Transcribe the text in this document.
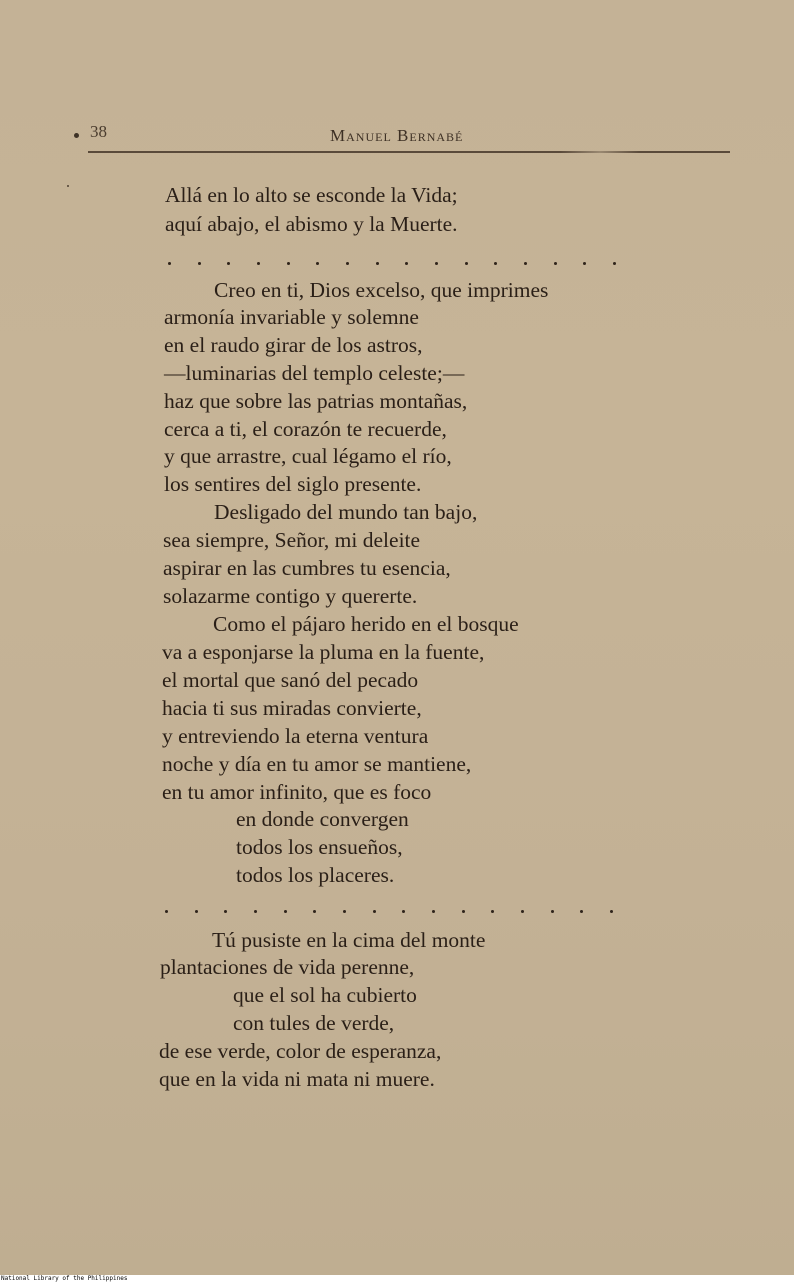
38	Manuel Bernabé
Allá en lo alto se esconde la Vida;
aquí abajo, el abismo y la Muerte.
Creo en ti, Dios excelso, que imprimes
armonía invariable y solemne
en el raudo girar de los astros,
—luminarias del templo celeste;—
haz que sobre las patrias montañas,
cerca a ti, el corazón te recuerde,
y que arrastre, cual légamo el río,
los sentires del siglo presente.
Desligado del mundo tan bajo,
sea siempre, Señor, mi deleite
aspirar en las cumbres tu esencia,
solazarme contigo y quererte.
Como el pájaro herido en el bosque
va a esponjarse la pluma en la fuente,
el mortal que sanó del pecado
hacia ti sus miradas convierte,
y entreviendo la eterna ventura
noche y día en tu amor se mantiene,
en tu amor infinito, que es foco
en donde convergen
todos los ensueños,
todos los placeres.
Tú pusiste en la cima del monte
plantaciones de vida perenne,
que el sol ha cubierto
con tules de verde,
de ese verde, color de esperanza,
que en la vida ni mata ni muere.
National Library of the Philippines
